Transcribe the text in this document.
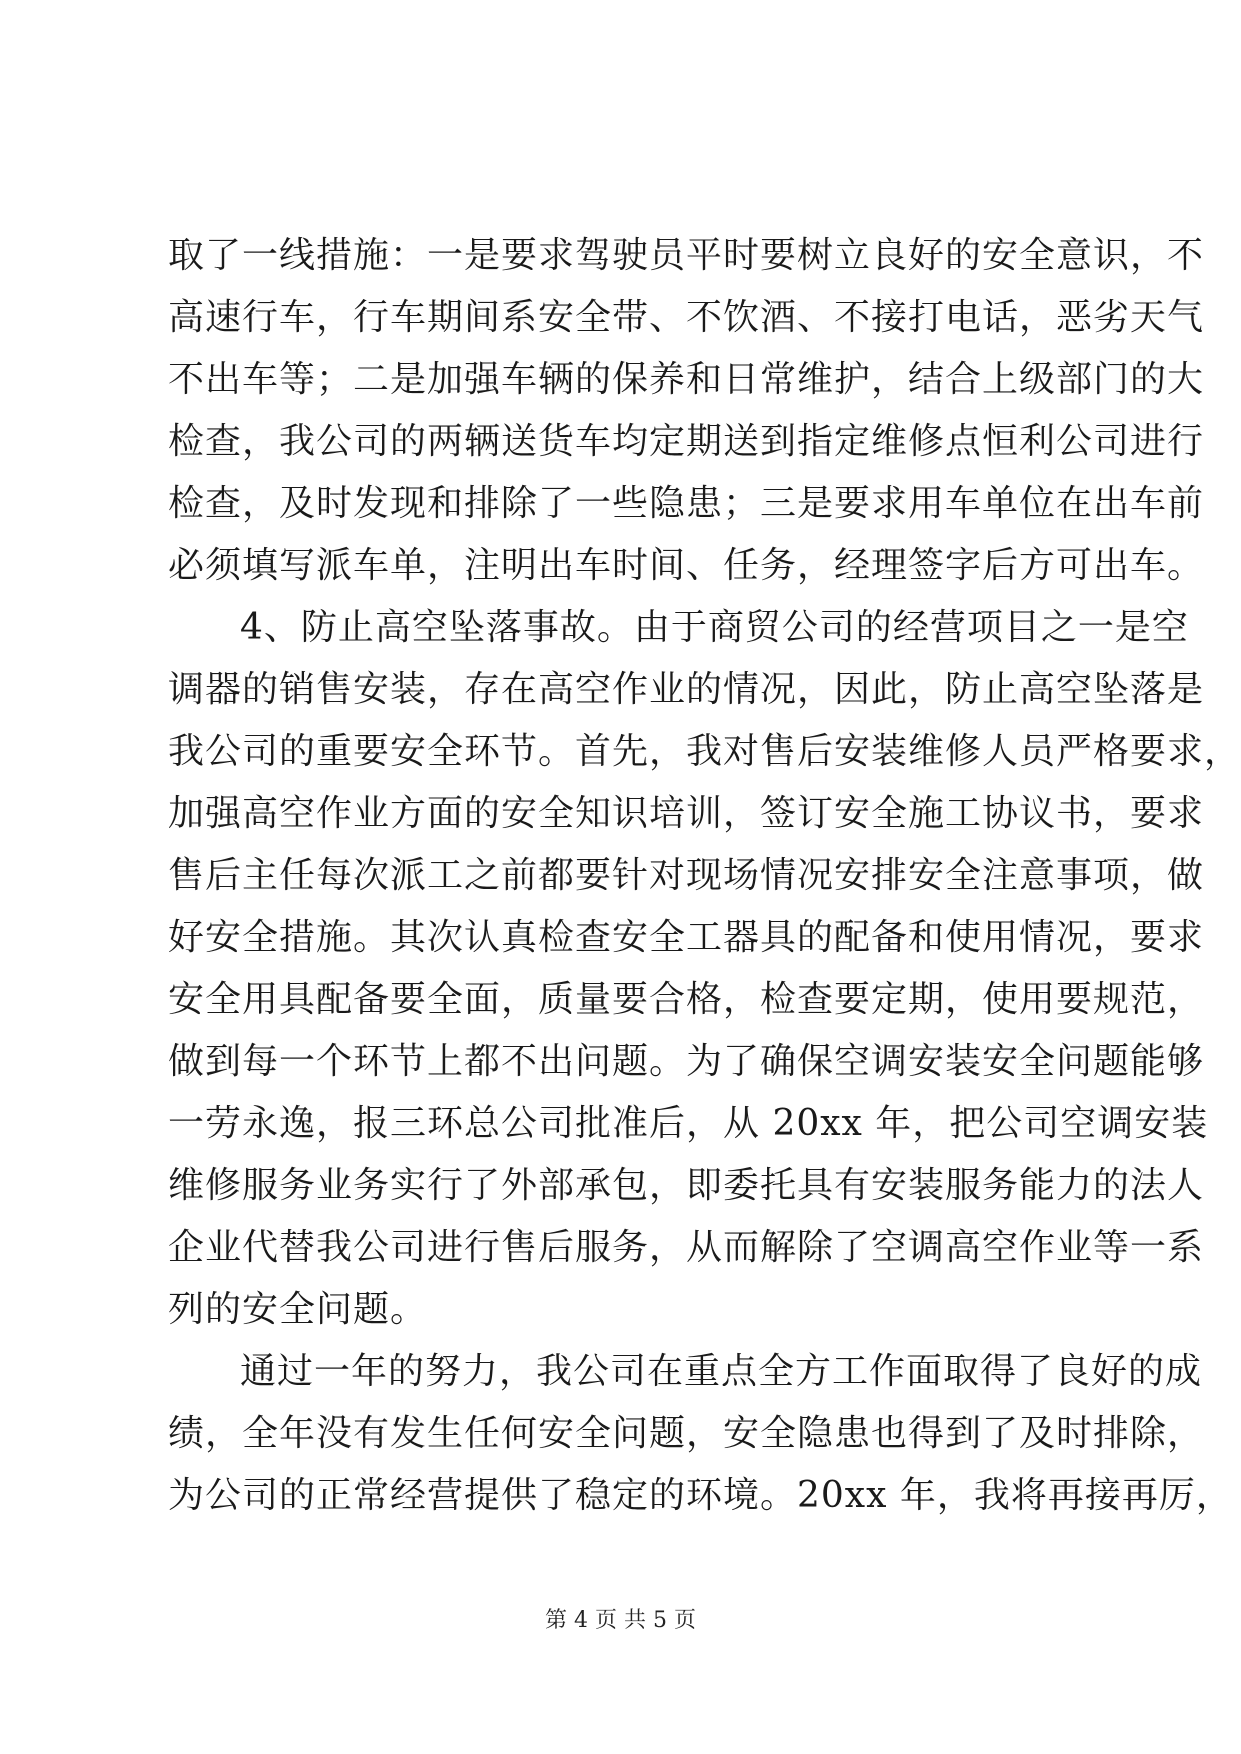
取了一线措施：一是要求驾驶员平时要树立良好的安全意识，不
高速行车，行车期间系安全带、不饮酒、不接打电话，恶劣天气
不出车等；二是加强车辆的保养和日常维护，结合上级部门的大
检查，我公司的两辆送货车均定期送到指定维修点恒利公司进行
检查，及时发现和排除了一些隐患；三是要求用车单位在出车前
必须填写派车单，注明出车时间、任务，经理签字后方可出车。
4、防止高空坠落事故。由于商贸公司的经营项目之一是空
调器的销售安装，存在高空作业的情况，因此，防止高空坠落是
我公司的重要安全环节。首先，我对售后安装维修人员严格要求，
加强高空作业方面的安全知识培训，签订安全施工协议书，要求
售后主任每次派工之前都要针对现场情况安排安全注意事项，做
好安全措施。其次认真检查安全工器具的配备和使用情况，要求
安全用具配备要全面，质量要合格，检查要定期，使用要规范，
做到每一个环节上都不出问题。为了确保空调安装安全问题能够
一劳永逸，报三环总公司批准后，从 20xx 年，把公司空调安装
维修服务业务实行了外部承包，即委托具有安装服务能力的法人
企业代替我公司进行售后服务，从而解除了空调高空作业等一系
列的安全问题。
通过一年的努力，我公司在重点全方工作面取得了良好的成
绩，全年没有发生任何安全问题，安全隐患也得到了及时排除，
为公司的正常经营提供了稳定的环境。20xx 年，我将再接再厉，
第 4 页 共 5 页
